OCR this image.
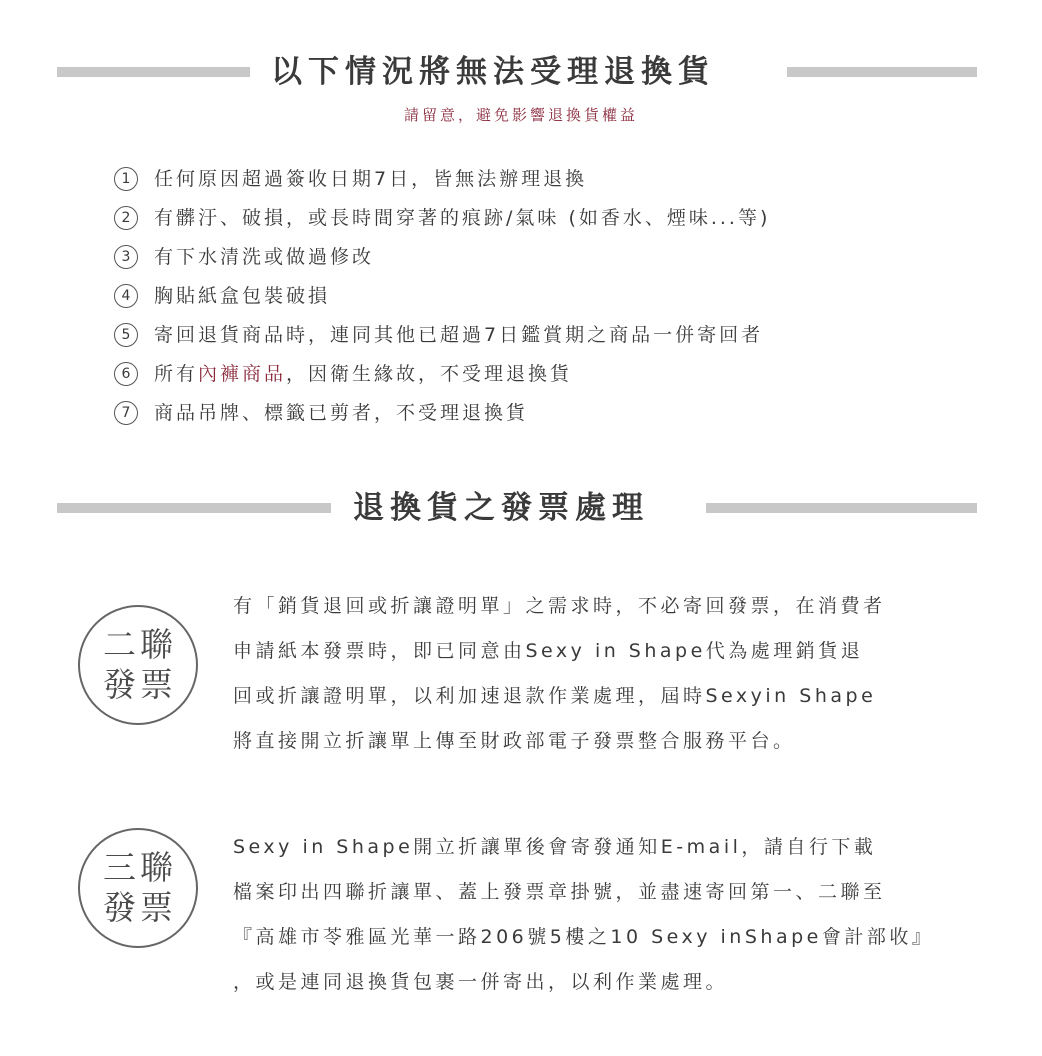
以下情況將無法受理退換貨
請留意，避免影響退換貨權益
1 任何原因超過簽收日期7日，皆無法辦理退換
2 有髒汙、破損，或長時間穿著的痕跡/氣味 (如香水、煙味...等)
3 有下水清洗或做過修改
4 胸貼紙盒包裝破損
5 寄回退貨商品時，連同其他已超過7日鑑賞期之商品一併寄回者
6 所有內褲商品，因衛生緣故，不受理退換貨
7 商品吊牌、標籤已剪者，不受理退換貨
退換貨之發票處理
二聯
發票
有「銷貨退回或折讓證明單」之需求時，不必寄回發票，在消費者
申請紙本發票時，即已同意由Sexy in Shape代為處理銷貨退
回或折讓證明單，以利加速退款作業處理，屆時Sexyin Shape
將直接開立折讓單上傳至財政部電子發票整合服務平台。
三聯
發票
Sexy in Shape開立折讓單後會寄發通知E-mail，請自行下載
檔案印出四聯折讓單、蓋上發票章掛號，並盡速寄回第一、二聯至
『高雄市苓雅區光華一路206號5樓之10 Sexy inShape會計部收』
，或是連同退換貨包裹一併寄出，以利作業處理。
